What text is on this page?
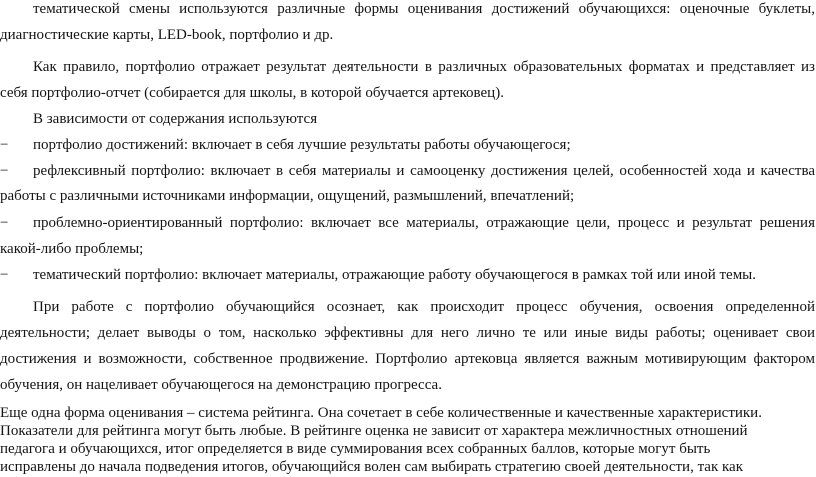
тематической смены используются различные формы оценивания достижений обучающихся: оценочные буклеты,
диагностические карты, LED-book, портфолио и др.
Как правило, портфолио отражает результат деятельности в различных образовательных форматах и представляет из
себя портфолио-отчет (собирается для школы, в которой обучается артековец).
В зависимости от содержания используются
− портфолио достижений: включает в себя лучшие результаты работы обучающегося;
− рефлексивный портфолио: включает в себя материалы и самооценку достижения целей, особенностей хода и качества
работы с различными источниками информации, ощущений, размышлений, впечатлений;
− проблемно-ориентированный портфолио: включает все материалы, отражающие цели, процесс и результат решения
какой-либо проблемы;
− тематический портфолио: включает материалы, отражающие работу обучающегося в рамках той или иной темы.
При работе с портфолио обучающийся осознает, как происходит процесс обучения, освоения определенной
деятельности; делает выводы о том, насколько эффективны для него лично те или иные виды работы; оценивает свои
достижения и возможности, собственное продвижение. Портфолио артековца является важным мотивирующим фактором
обучения, он нацеливает обучающегося на демонстрацию прогресса.
Еще одна форма оценивания – система рейтинга. Она сочетает в себе количественные и качественные характеристики.
Показатели для рейтинга могут быть любые. В рейтинге оценка не зависит от характера межличностных отношений
педагога и обучающихся, итог определяется в виде суммирования всех собранных баллов, которые могут быть
исправлены до начала подведения итогов, обучающийся волен сам выбирать стратегию своей деятельности, так как
